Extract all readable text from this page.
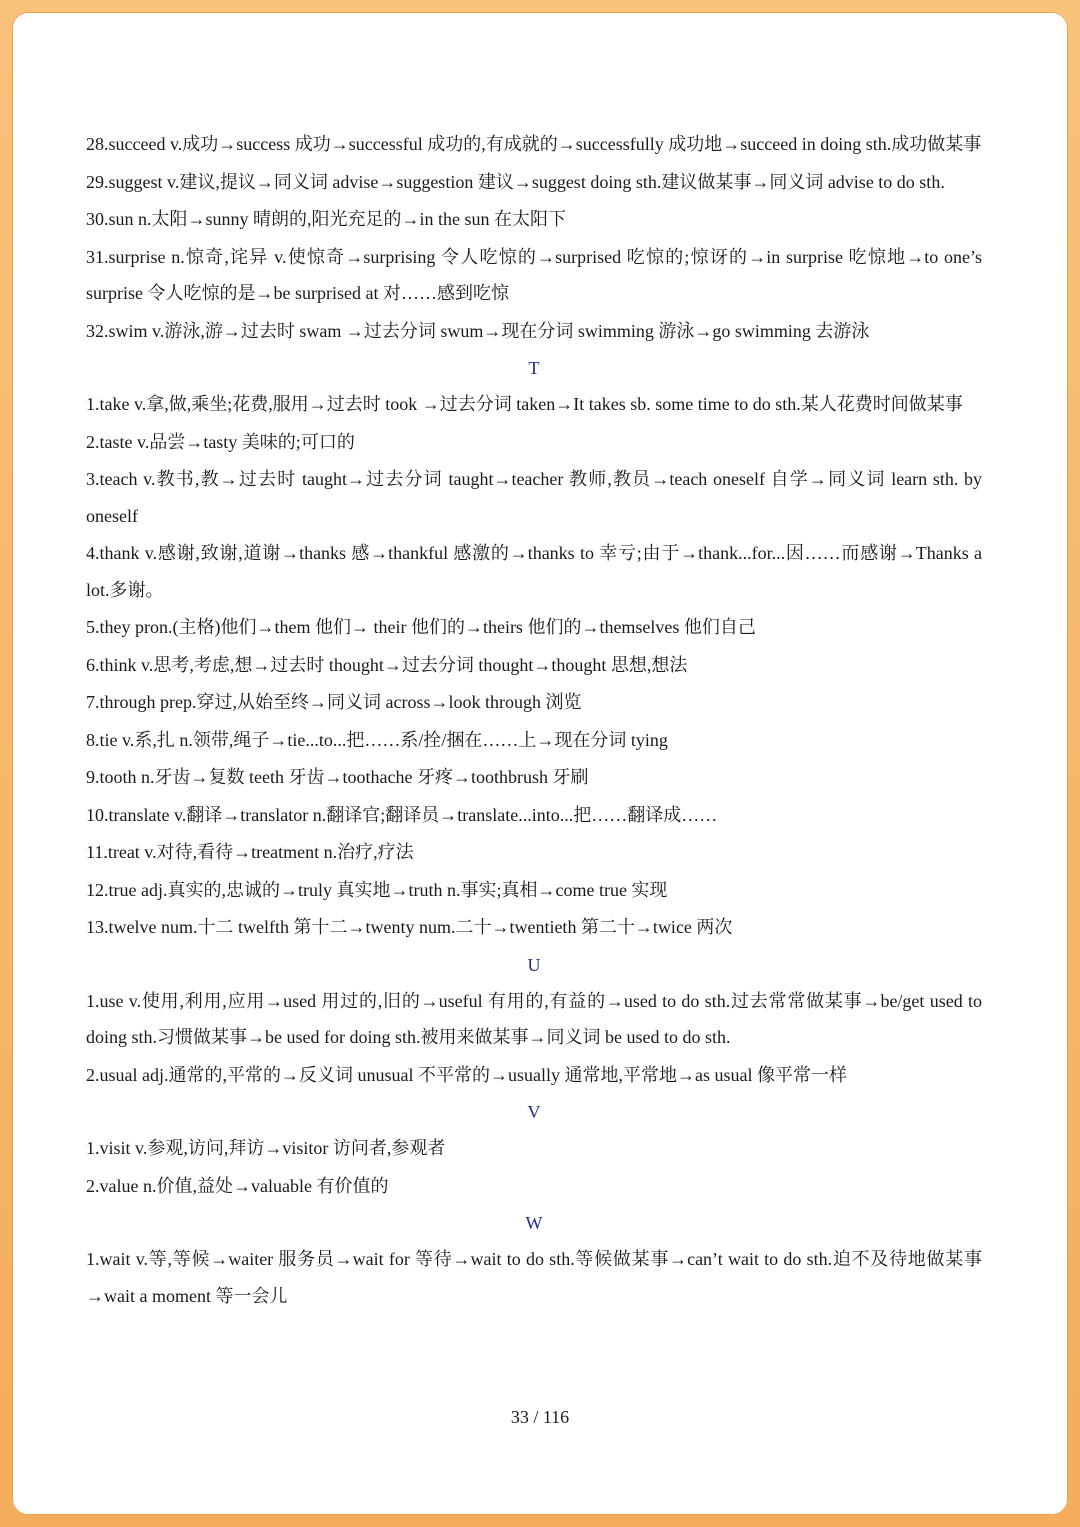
28.succeed v.成功→success 成功→successful 成功的,有成就的→successfully 成功地→succeed in doing sth.成功做某事

29.suggest v.建议,提议→同义词 advise→suggestion 建议→suggest doing sth.建议做某事→同义词 advise to do sth.

30.sun n.太阳→sunny 晴朗的,阳光充足的→in the sun 在太阳下

31.surprise n.惊奇,诧异 v.使惊奇→surprising 令人吃惊的→surprised 吃惊的;惊讶的→in surprise 吃惊地→to one’s surprise 令人吃惊的是→be surprised at 对……感到吃惊

32.swim v.游泳,游→过去时 swam →过去分词 swum→现在分词 swimming 游泳→go swimming 去游泳

T

1.take v.拿,做,乘坐;花费,服用→过去时 took →过去分词 taken→It takes sb. some time to do sth.某人花费时间做某事

2.taste v.品尝→tasty 美味的;可口的

3.teach v.教书,教→过去时 taught→过去分词 taught→teacher 教师,教员→teach oneself 自学→同义词 learn sth. by oneself

4.thank v.感谢,致谢,道谢→thanks 感→thankful 感激的→thanks to 幸亏;由于→thank...for...因……而感谢→Thanks a lot.多谢。

5.they pron.(主格)他们→them 他们→ their 他们的→theirs 他们的→themselves 他们自己

6.think v.思考,考虑,想→过去时 thought→过去分词 thought→thought 思想,想法

7.through prep.穿过,从始至终→同义词 across→look through 浏览

8.tie v.系,扎 n.领带,绳子→tie...to...把……系/拴/捆在……上→现在分词 tying

9.tooth n.牙齿→复数 teeth 牙齿→toothache 牙疼→toothbrush 牙刷

10.translate v.翻译→translator n.翻译官;翻译员→translate...into...把……翻译成……

11.treat v.对待,看待→treatment n.治疗,疗法

12.true adj.真实的,忠诚的→truly 真实地→truth n.事实;真相→come true 实现

13.twelve num.十二 twelfth 第十二→twenty num.二十→twentieth 第二十→twice 两次

U

1.use v.使用,利用,应用→used 用过的,旧的→useful 有用的,有益的→used to do sth.过去常常做某事→be/get used to doing sth.习惯做某事→be used for doing sth.被用来做某事→同义词 be used to do sth.

2.usual adj.通常的,平常的→反义词 unusual 不平常的→usually 通常地,平常地→as usual 像平常一样

V

1.visit v.参观,访问,拜访→visitor 访问者,参观者

2.value n.价值,益处→valuable 有价值的

W

1.wait v.等,等候→waiter 服务员→wait for 等待→wait to do sth.等候做某事→can’t wait to do sth.迫不及待地做某事→wait a moment 等一会儿

33 / 116
